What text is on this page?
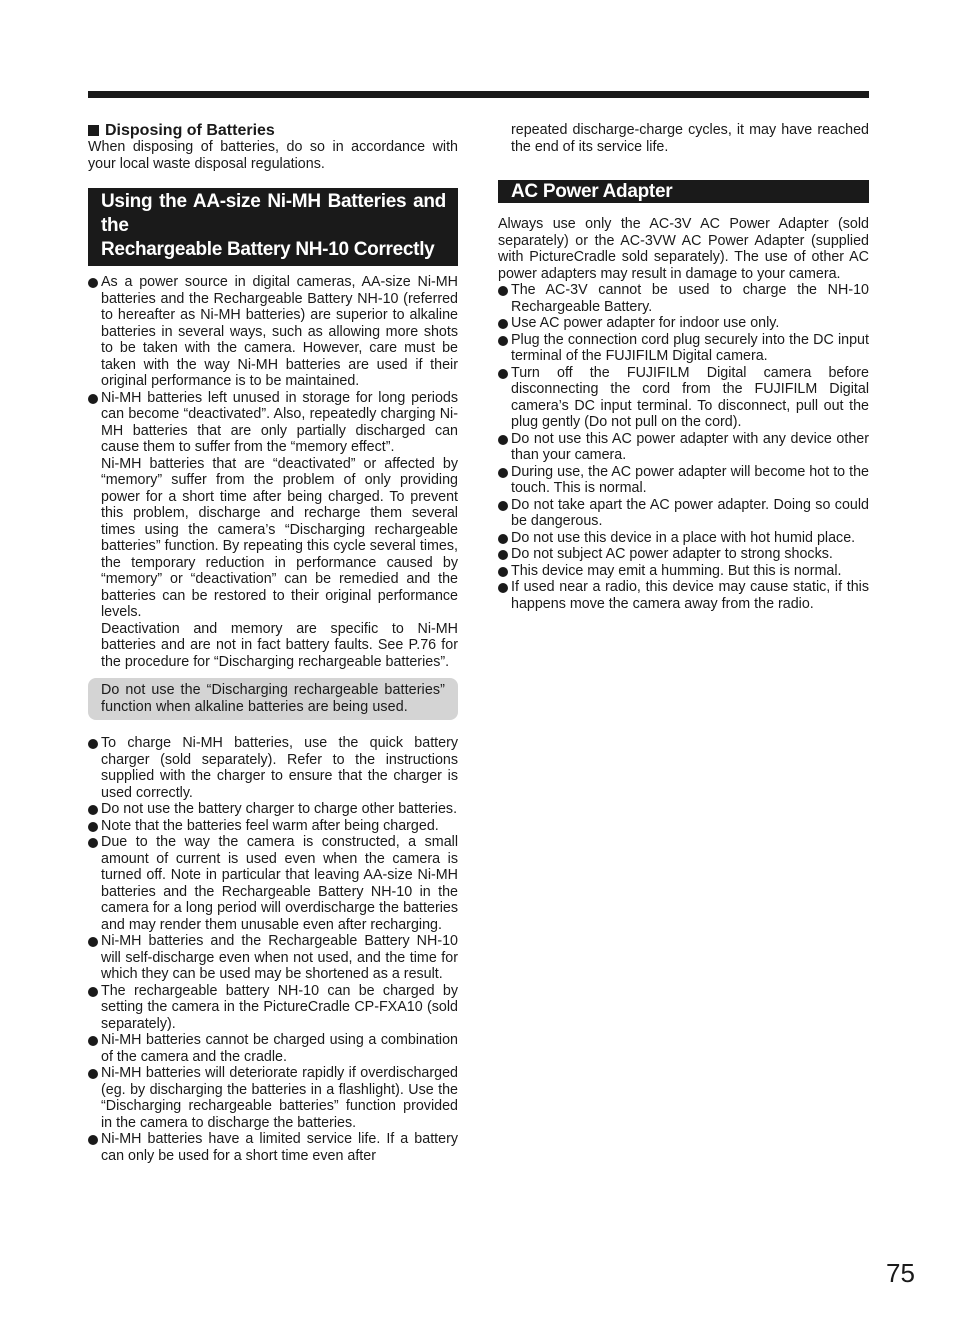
Disposing of Batteries

When disposing of batteries, do so in accordance with your local waste disposal regulations.

Using the AA-size Ni-MH Batteries and the
Rechargeable Battery NH-10 Correctly
As a power source in digital cameras, AA-size Ni-MH batteries and the Rechargeable Battery NH-10 (referred to hereafter as Ni-MH batteries) are superior to alkaline batteries in several ways, such as allowing more shots to be taken with the camera. However, care must be taken with the way Ni-MH batteries are used if their original performance is to be maintained.
Ni-MH batteries left unused in storage for long periods can become “deactivated”. Also, repeatedly charging Ni-MH batteries that are only partially discharged can cause them to suffer from the “memory effect”.
Ni-MH batteries that are “deactivated” or affected by “memory” suffer from the problem of only providing power for a short time after being charged. To prevent this problem, discharge and recharge them several times using the camera’s “Discharging rechargeable batteries” function. By repeating this cycle several times, the temporary reduction in performance caused by “memory” or “deactivation” can be remedied and the batteries can be restored to their original performance levels.
Deactivation and memory are specific to Ni-MH batteries and are not in fact battery faults. See P.76 for the procedure for “Discharging rechargeable batteries”.
Do not use the “Discharging rechargeable batteries” function when alkaline batteries are being used.
To charge Ni-MH batteries, use the quick battery charger (sold separately). Refer to the instructions supplied with the charger to ensure that the charger is used correctly.
Do not use the battery charger to charge other batteries.
Note that the batteries feel warm after being charged.
Due to the way the camera is constructed, a small amount of current is used even when the camera is turned off. Note in particular that leaving AA-size Ni-MH batteries and the Rechargeable Battery NH-10 in the camera for a long period will overdischarge the batteries and may render them unusable even after recharging.
Ni-MH batteries and the Rechargeable Battery NH-10 will self-discharge even when not used, and the time for which they can be used may be shortened as a result.
The rechargeable battery NH-10 can be charged by setting the camera in the PictureCradle CP-FXA10 (sold separately).
Ni-MH batteries cannot be charged using a combination of the camera and the cradle.
Ni-MH batteries will deteriorate rapidly if overdischarged (eg. by discharging the batteries in a flashlight). Use the “Discharging rechargeable batteries” function provided in the camera to discharge the batteries.
Ni-MH batteries have a limited service life. If a battery can only be used for a short time even after

repeated discharge-charge cycles, it may have reached the end of its service life.

AC Power Adapter

Always use only the AC-3V AC Power Adapter (sold separately) or the AC-3VW AC Power Adapter (supplied with PictureCradle sold separately). The use of other AC power adapters may result in damage to your camera.

The AC-3V cannot be used to charge the NH-10 Rechargeable Battery.
Use AC power adapter for indoor use only.
Plug the connection cord plug securely into the DC input terminal of the FUJIFILM Digital camera.
Turn off the FUJIFILM Digital camera before disconnecting the cord from the FUJIFILM Digital camera’s DC input terminal. To disconnect, pull out the plug gently (Do not pull on the cord).
Do not use this AC power adapter with any device other than your camera.
During use, the AC power adapter will become hot to the touch. This is normal.
Do not take apart the AC power adapter. Doing so could be dangerous.
Do not use this device in a place with hot humid place.
Do not subject AC power adapter to strong shocks.
This device may emit a humming. But this is normal.
If used near a radio, this device may cause static, if this happens move the camera away from the radio.
75
